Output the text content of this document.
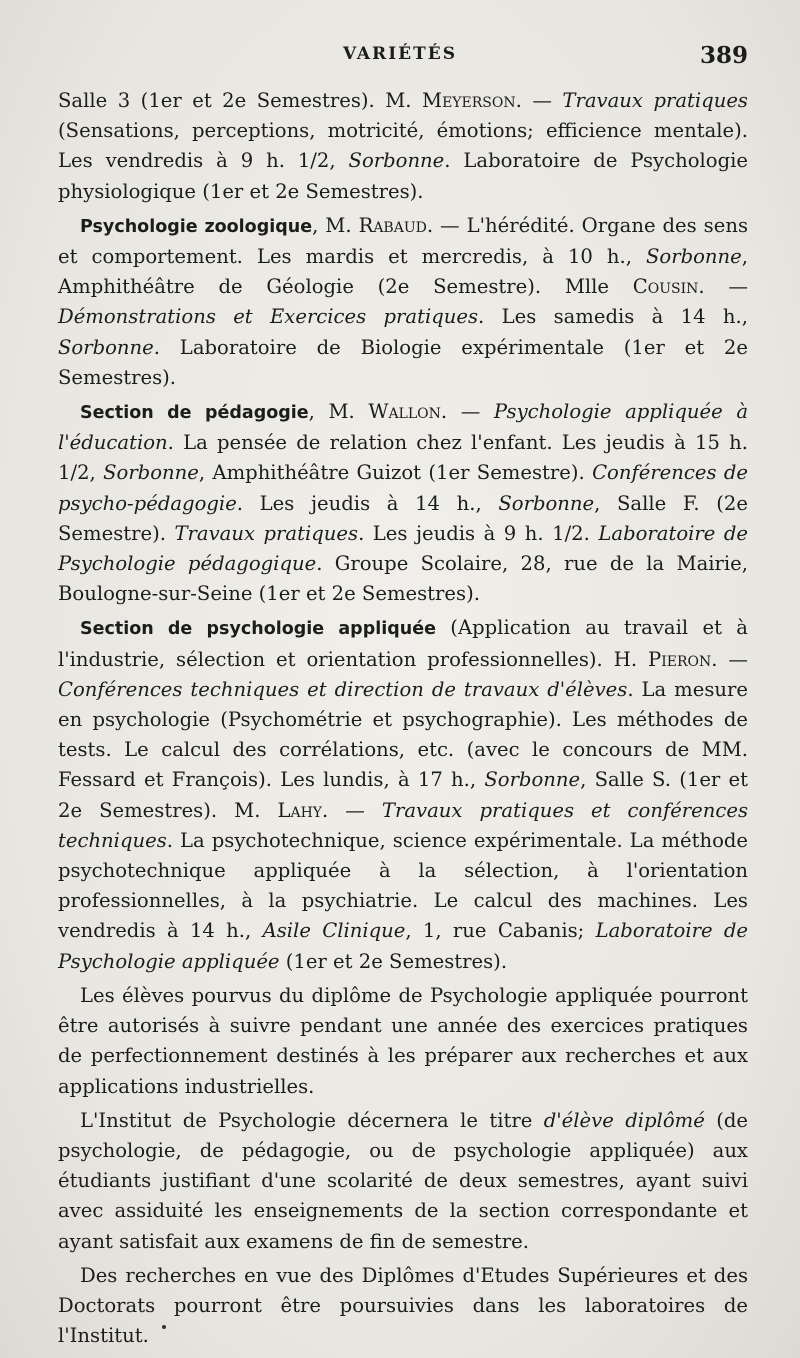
VARIÉTÉS	389

Salle 3 (1er et 2e Semestres). M. Meyerson. — Travaux pratiques (Sensations, perceptions, motricité, émotions; efficience mentale). Les vendredis à 9 h. 1/2, Sorbonne. Laboratoire de Psychologie physiologique (1er et 2e Semestres).

Psychologie zoologique, M. Rabaud. — L'hérédité. Organe des sens et comportement. Les mardis et mercredis, à 10 h., Sorbonne, Amphithéâtre de Géologie (2e Semestre). Mlle Cousin. — Démonstrations et Exercices pratiques. Les samedis à 14 h., Sorbonne. Laboratoire de Biologie expérimentale (1er et 2e Semestres).

Section de pédagogie, M. Wallon. — Psychologie appliquée à l'éducation. La pensée de relation chez l'enfant. Les jeudis à 15 h. 1/2, Sorbonne, Amphithéâtre Guizot (1er Semestre). Conférences de psycho-pédagogie. Les jeudis à 14 h., Sorbonne, Salle F. (2e Semestre). Travaux pratiques. Les jeudis à 9 h. 1/2. Laboratoire de Psychologie pédagogique. Groupe Scolaire, 28, rue de la Mairie, Boulogne-sur-Seine (1er et 2e Semestres).

Section de psychologie appliquée (Application au travail et à l'industrie, sélection et orientation professionnelles). H. Pieron. — Conférences techniques et direction de travaux d'élèves. La mesure en psychologie (Psychométrie et psychographie). Les méthodes de tests. Le calcul des corrélations, etc. (avec le concours de MM. Fessard et François). Les lundis, à 17 h., Sorbonne, Salle S. (1er et 2e Semestres). M. Lahy. — Travaux pratiques et conférences techniques. La psychotechnique, science expérimentale. La méthode psychotechnique appliquée à la sélection, à l'orientation professionnelles, à la psychiatrie. Le calcul des machines. Les vendredis à 14 h., Asile Clinique, 1, rue Cabanis; Laboratoire de Psychologie appliquée (1er et 2e Semestres).

Les élèves pourvus du diplôme de Psychologie appliquée pourront être autorisés à suivre pendant une année des exercices pratiques de perfectionnement destinés à les préparer aux recherches et aux applications industrielles.

L'Institut de Psychologie décernera le titre d'élève diplômé (de psychologie, de pédagogie, ou de psychologie appliquée) aux étudiants justifiant d'une scolarité de deux semestres, ayant suivi avec assiduité les enseignements de la section correspondante et ayant satisfait aux examens de fin de semestre.

Des recherches en vue des Diplômes d'Etudes Supérieures et des Doctorats pourront être poursuivies dans les laboratoires de l'Institut.
